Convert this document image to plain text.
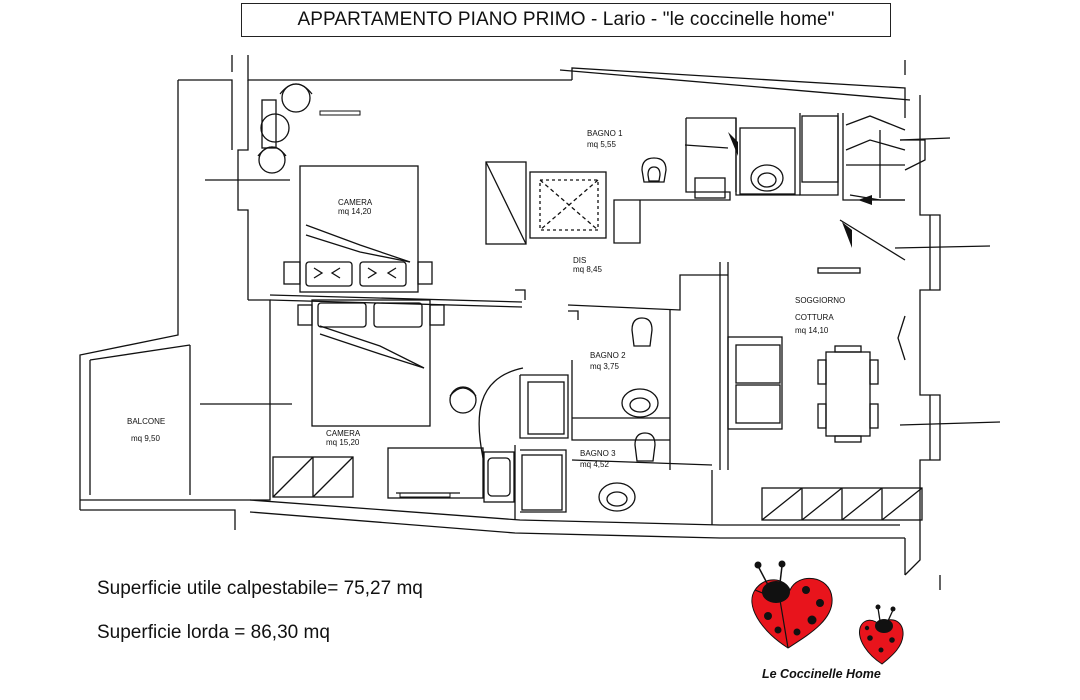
APPARTAMENTO PIANO PRIMO - Lario - "le coccinelle home"
BAGNO 1
mq 5,55
CAMERA
mq 14,20
DIS
mq 8,45
SOGGIORNO
COTTURA
mq 14,10
BAGNO 2
mq 3,75
BALCONE
mq 9,50
CAMERA
mq 15,20
BAGNO 3
mq 4,52
Superficie utile calpestabile= 75,27 mq
Superficie lorda = 86,30 mq
Le Coccinelle Home
